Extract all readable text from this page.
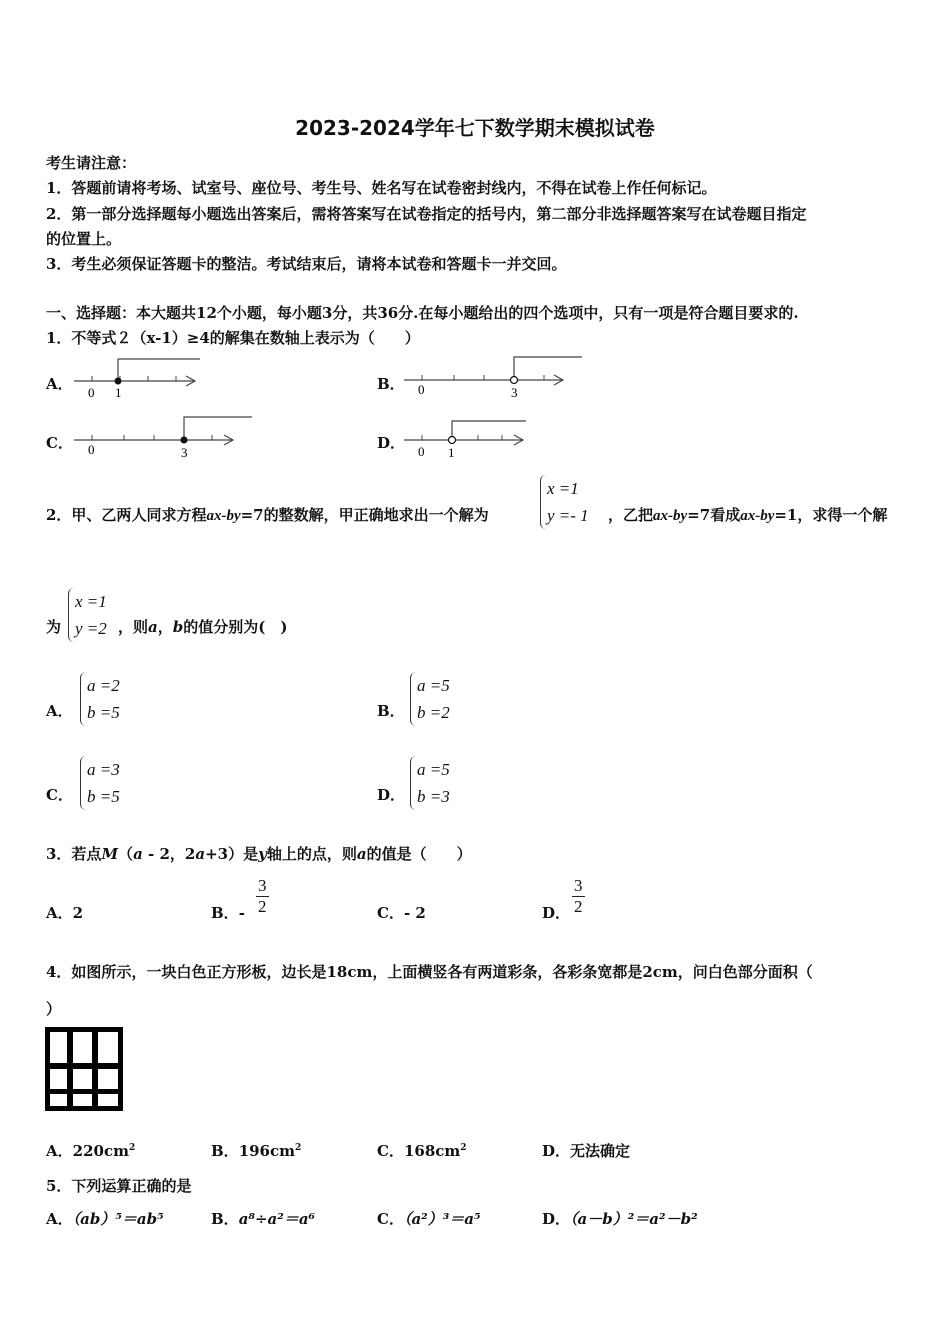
2023-2024学年七下数学期末模拟试卷
考生请注意：
1．答题前请将考场、试室号、座位号、考生号、姓名写在试卷密封线内，不得在试卷上作任何标记。
2．第一部分选择题每小题选出答案后，需将答案写在试卷指定的括号内，第二部分非选择题答案写在试卷题目指定
的位置上。
3．考生必须保证答题卡的整洁。考试结束后，请将本试卷和答题卡一并交回。
一、选择题：本大题共12个小题，每小题3分，共36分.在每小题给出的四个选项中，只有一项是符合题目要求的.
1．不等式２（x-1）≥4的解集在数轴上表示为（　　）
A． 0 1	B． 0	3
C． 0	3
D． 0 1
2．甲、乙两人同求方程ax-by=7的整数解，甲正确地求出一个解为
x =1
y =- 1 ，乙把ax-by=7看成ax-by=1，求得一个解
为
x =1
y =2 ，则a，b的值分别为(　)
A．
a =2
b =5	B．
a =5
b =2
C．
a =3
b =5	D．
a =5
b =3
3．若点M（a - 2，2a+3）是y轴上的点，则a的值是（　　）
A．2	B．- $\frac{3}{2}$	C．- 2	D． $\frac{3}{2}$
4．如图所示，一块白色正方形板，边长是18cm，上面横竖各有两道彩条，各彩条宽都是2cm，问白色部分面积（
）
A．$220cm^2$	B．$196cm^2$	C．$168cm^2$	D．无法确定
5．下列运算正确的是
A．（ab）⁵＝ab⁵	B．a⁸÷a²＝a⁶	C．（a²）³＝a⁵	D．（a－b）²＝a²－b²
